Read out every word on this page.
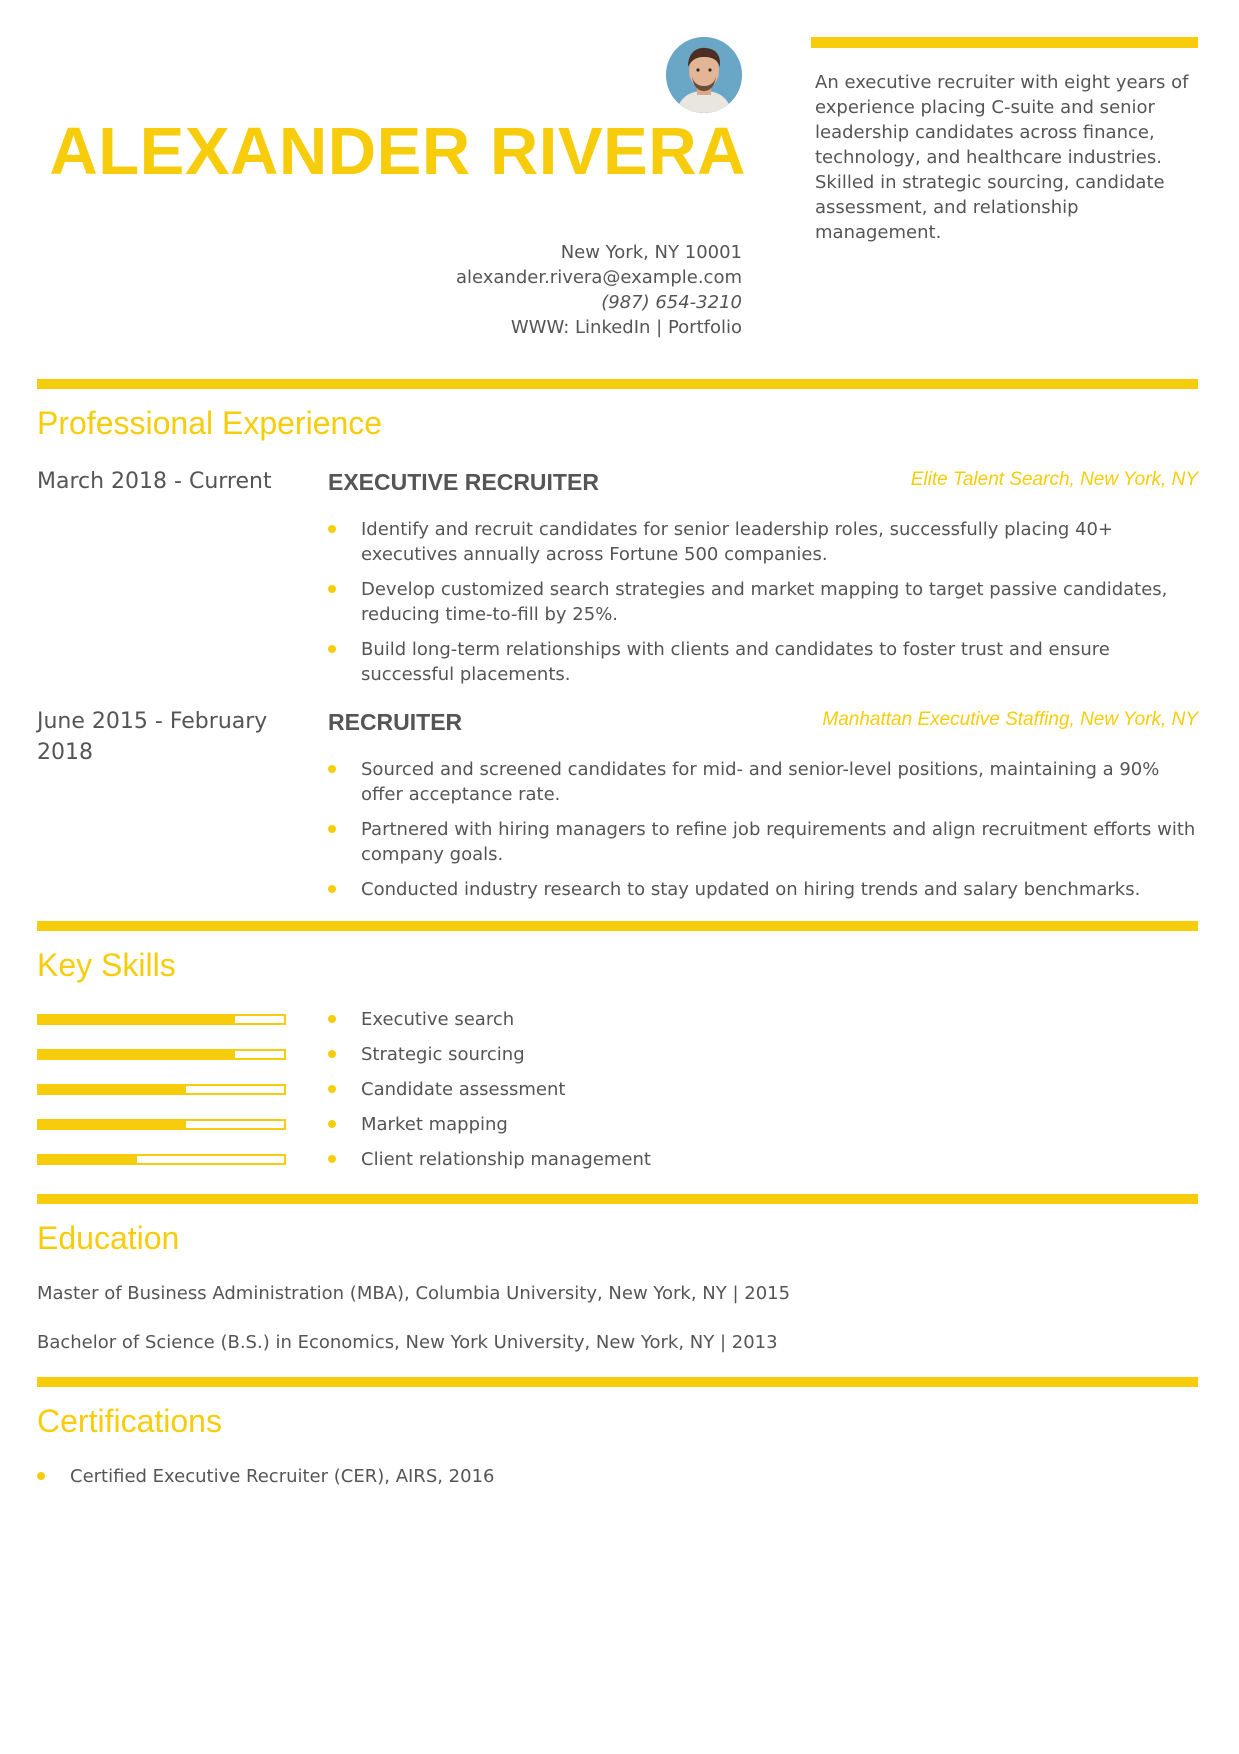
ALEXANDER RIVERA
New York, NY 10001
alexander.rivera@example.com
(987) 654-3210
WWW: LinkedIn | Portfolio
An executive recruiter with eight years of experience placing C-suite and senior leadership candidates across finance, technology, and healthcare industries. Skilled in strategic sourcing, candidate assessment, and relationship management.
Professional Experience
March 2018 - Current	EXECUTIVE RECRUITER	Elite Talent Search, New York, NY
Identify and recruit candidates for senior leadership roles, successfully placing 40+ executives annually across Fortune 500 companies.
Develop customized search strategies and market mapping to target passive candidates, reducing time-to-fill by 25%.
Build long-term relationships with clients and candidates to foster trust and ensure successful placements.
June 2015 - February 2018
RECRUITER	Manhattan Executive Staffing, New York, NY
Sourced and screened candidates for mid- and senior-level positions, maintaining a 90% offer acceptance rate.
Partnered with hiring managers to refine job requirements and align recruitment efforts with company goals.
Conducted industry research to stay updated on hiring trends and salary benchmarks.
Key Skills
Executive search
Strategic sourcing
Candidate assessment
Market mapping
Client relationship management
Education
Master of Business Administration (MBA), Columbia University, New York, NY | 2015
Bachelor of Science (B.S.) in Economics, New York University, New York, NY | 2013
Certifications
Certified Executive Recruiter (CER), AIRS, 2016
